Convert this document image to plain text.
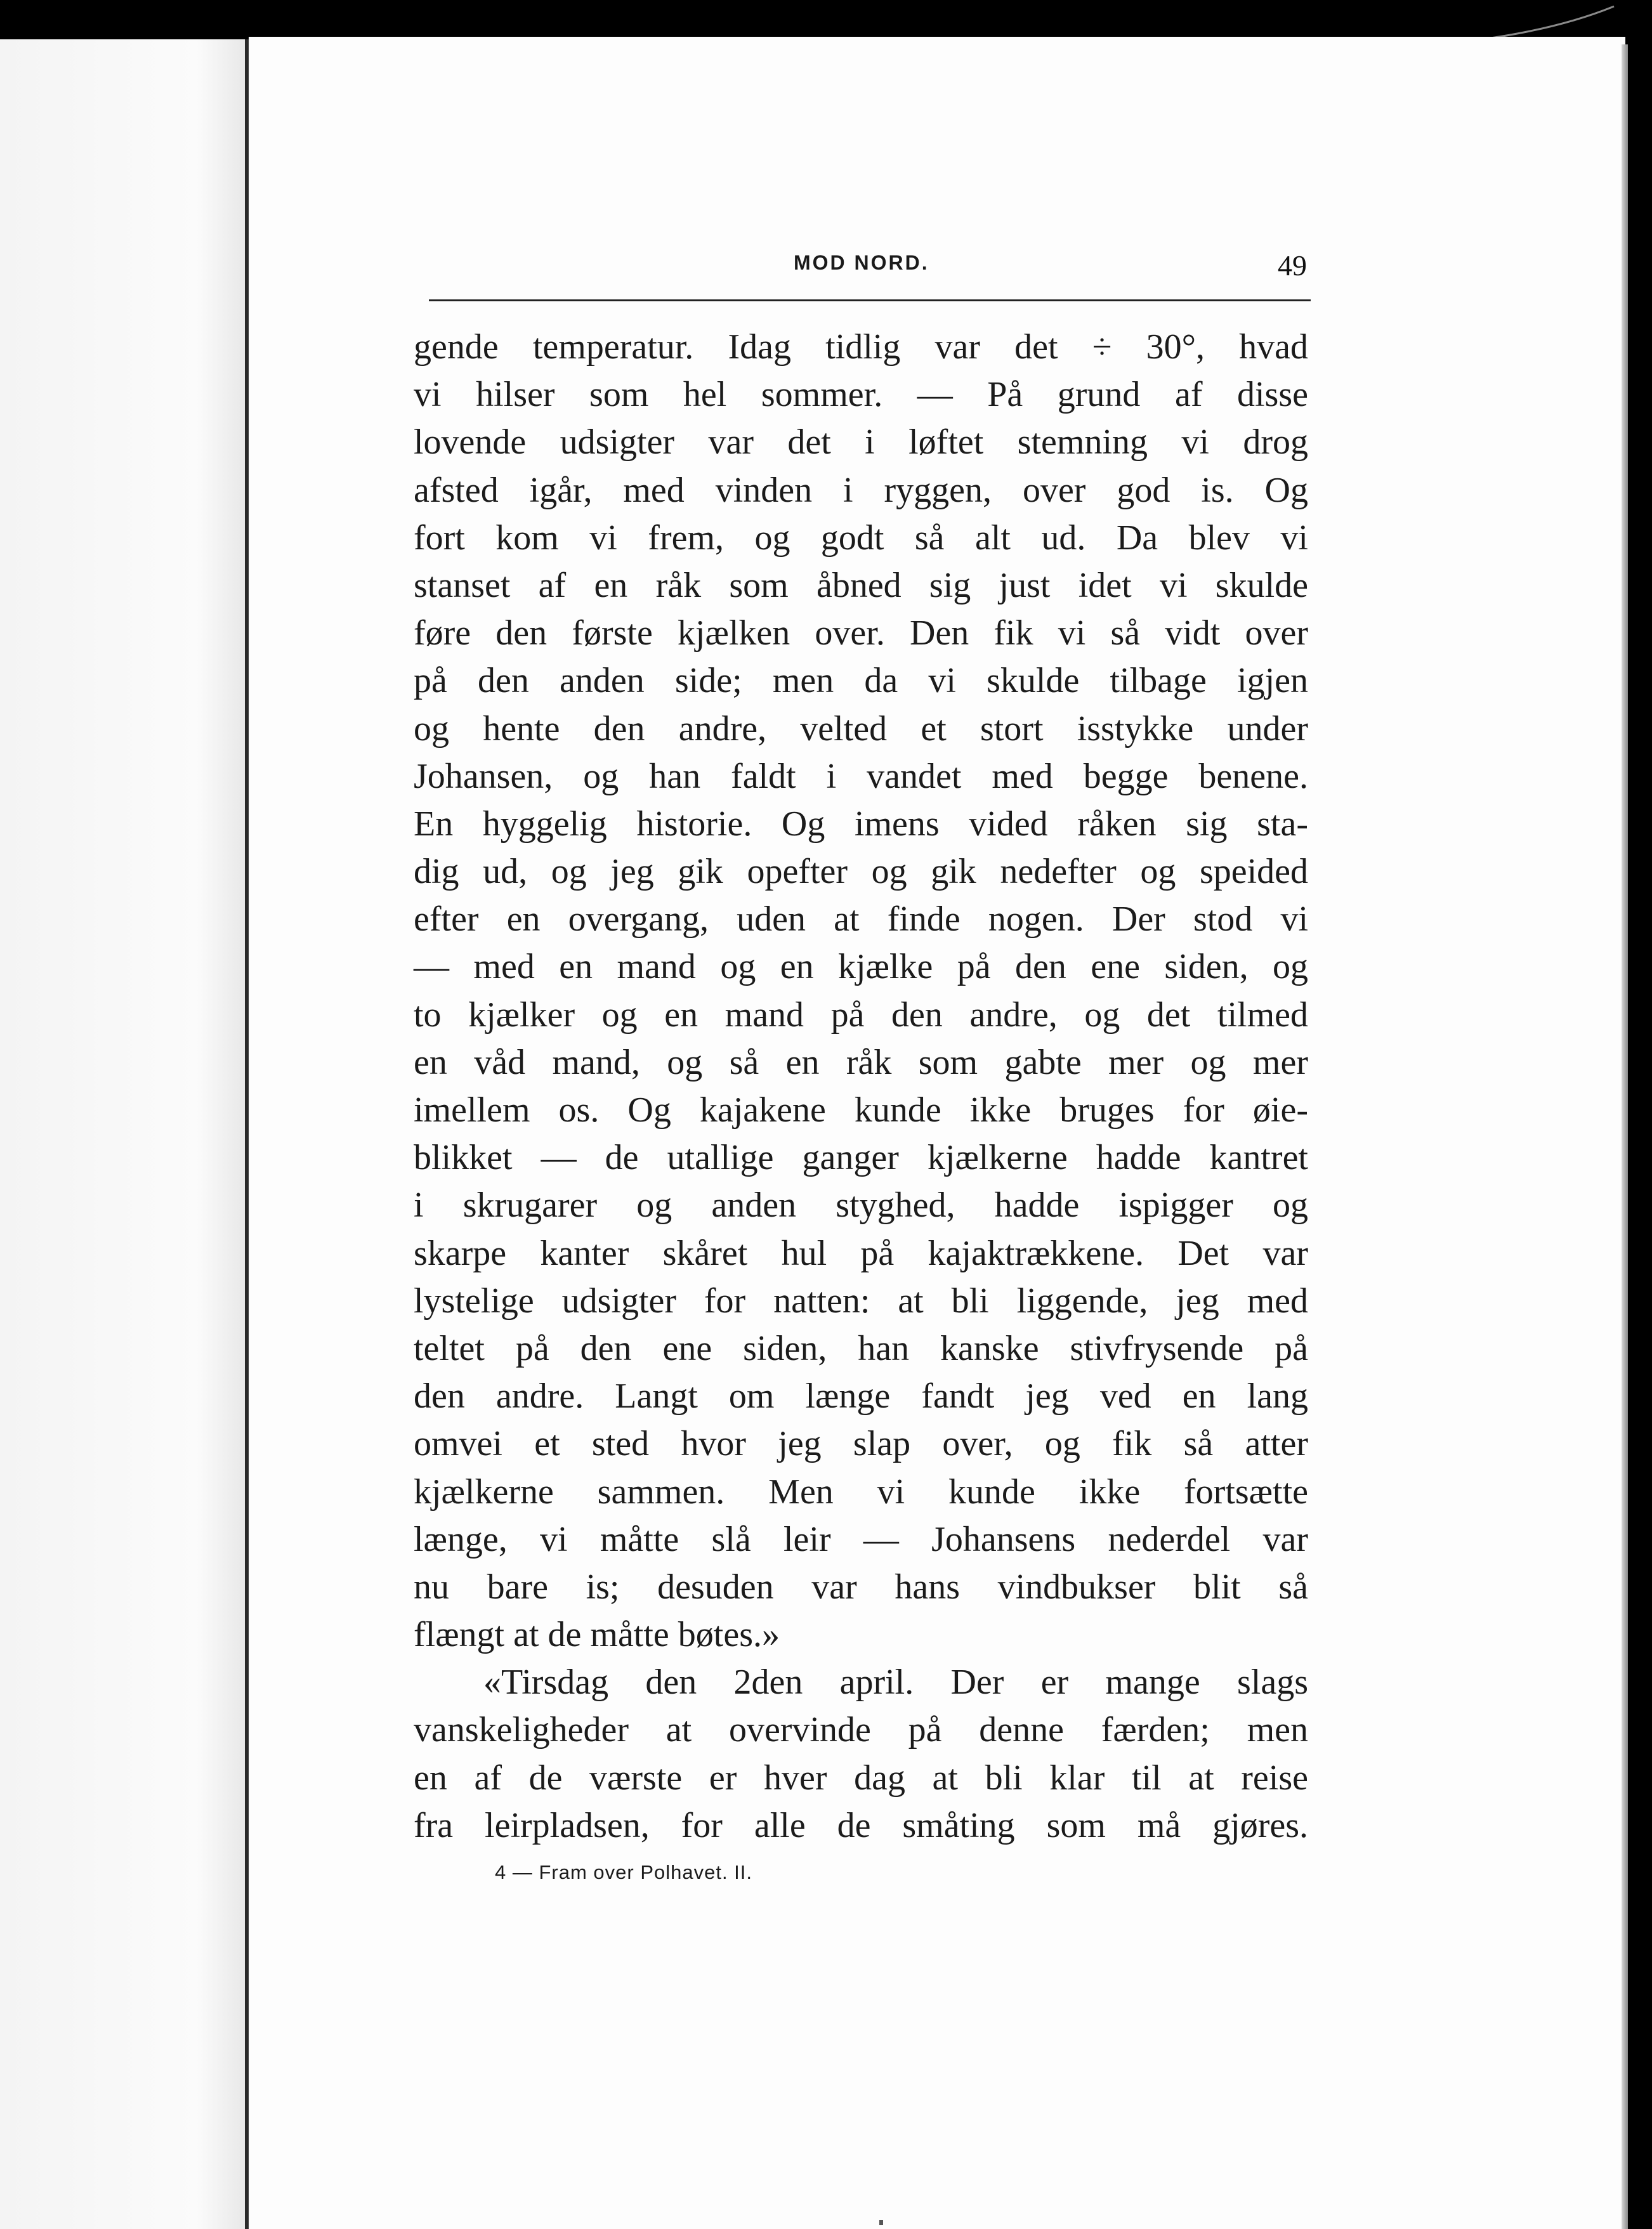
MOD NORD.	49
gende temperatur. Idag tidlig var det ÷ 30°, hvad
vi hilser som hel sommer. — På grund af disse
lovende udsigter var det i løftet stemning vi drog
afsted igår, med vinden i ryggen, over god is. Og
fort kom vi frem, og godt så alt ud. Da blev vi
stanset af en råk som åbned sig just idet vi skulde
føre den første kjælken over. Den fik vi så vidt over
på den anden side; men da vi skulde tilbage igjen
og hente den andre, velted et stort isstykke under
Johansen, og han faldt i vandet med begge benene.
En hyggelig historie. Og imens vided råken sig sta-
dig ud, og jeg gik opefter og gik nedefter og speided
efter en overgang, uden at finde nogen. Der stod vi
— med en mand og en kjælke på den ene siden, og
to kjælker og en mand på den andre, og det tilmed
en våd mand, og så en råk som gabte mer og mer
imellem os. Og kajakene kunde ikke bruges for øie-
blikket — de utallige ganger kjælkerne hadde kantret
i skrugarer og anden styghed, hadde ispigger og
skarpe kanter skåret hul på kajaktrækkene. Det var
lystelige udsigter for natten: at bli liggende, jeg med
teltet på den ene siden, han kanske stivfrysende på
den andre. Langt om længe fandt jeg ved en lang
omvei et sted hvor jeg slap over, og fik så atter
kjælkerne sammen. Men vi kunde ikke fortsætte
længe, vi måtte slå leir — Johansens nederdel var
nu bare is; desuden var hans vindbukser blit så
flængt at de måtte bøtes.»
«Tirsdag den 2den april. Der er mange slags
vanskeligheder at overvinde på denne færden; men
en af de værste er hver dag at bli klar til at reise
fra leirpladsen, for alle de småting som må gjøres.
4 — Fram over Polhavet. II.
